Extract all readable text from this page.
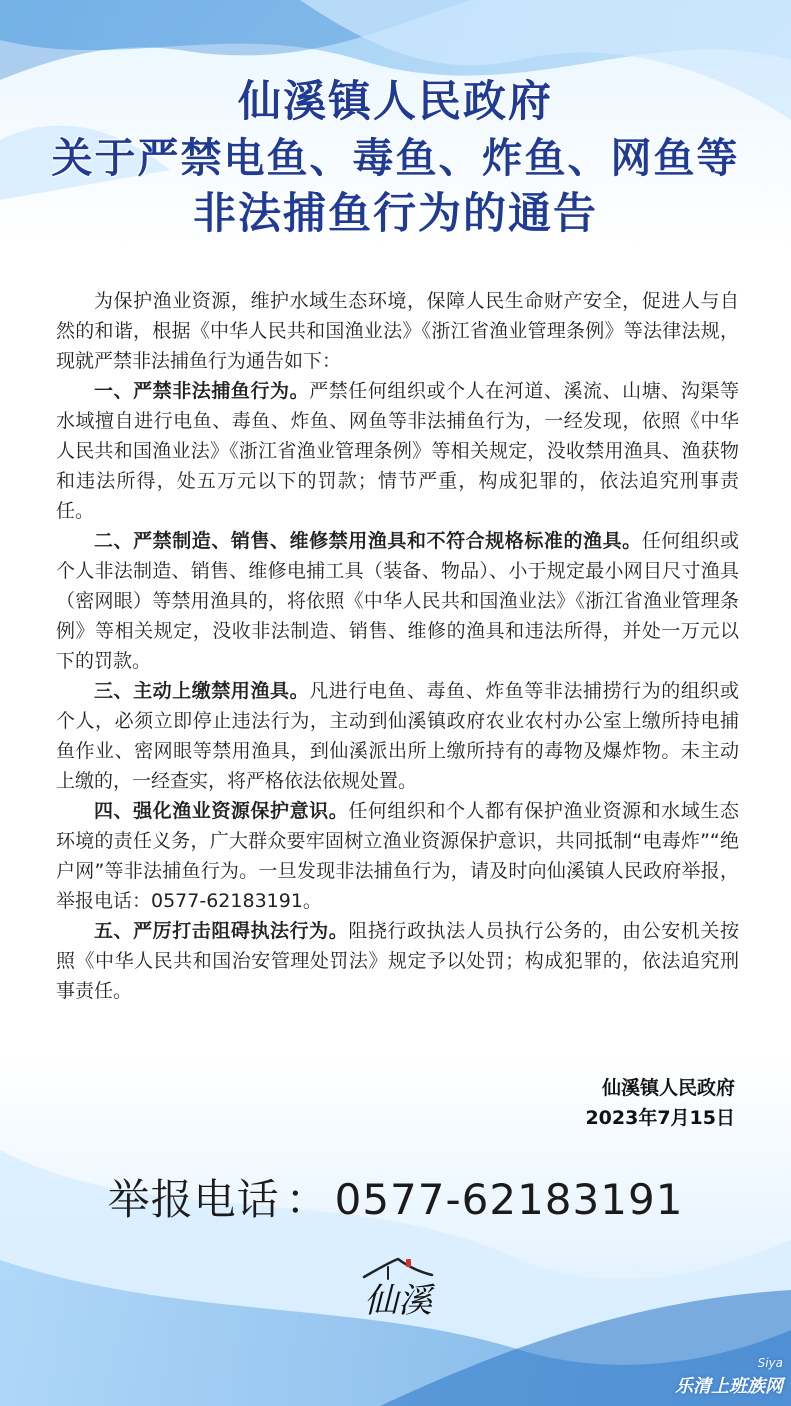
仙溪镇人民政府
关于严禁电鱼、毒鱼、炸鱼、网鱼等
非法捕鱼行为的通告

为保护渔业资源，维护水域生态环境，保障人民生命财产安全，促进人与自然的和谐，根据《中华人民共和国渔业法》《浙江省渔业管理条例》等法律法规，现就严禁非法捕鱼行为通告如下：

一、严禁非法捕鱼行为。严禁任何组织或个人在河道、溪流、山塘、沟渠等水域擅自进行电鱼、毒鱼、炸鱼、网鱼等非法捕鱼行为，一经发现，依照《中华人民共和国渔业法》《浙江省渔业管理条例》等相关规定，没收禁用渔具、渔获物和违法所得，处五万元以下的罚款；情节严重，构成犯罪的，依法追究刑事责任。

二、严禁制造、销售、维修禁用渔具和不符合规格标准的渔具。任何组织或个人非法制造、销售、维修电捕工具（装备、物品）、小于规定最小网目尺寸渔具（密网眼）等禁用渔具的，将依照《中华人民共和国渔业法》《浙江省渔业管理条例》等相关规定，没收非法制造、销售、维修的渔具和违法所得，并处一万元以下的罚款。

三、主动上缴禁用渔具。凡进行电鱼、毒鱼、炸鱼等非法捕捞行为的组织或个人，必须立即停止违法行为，主动到仙溪镇政府农业农村办公室上缴所持电捕鱼作业、密网眼等禁用渔具，到仙溪派出所上缴所持有的毒物及爆炸物。未主动上缴的，一经查实，将严格依法依规处置。

四、强化渔业资源保护意识。任何组织和个人都有保护渔业资源和水域生态环境的责任义务，广大群众要牢固树立渔业资源保护意识，共同抵制“电毒炸”“绝户网”等非法捕鱼行为。一旦发现非法捕鱼行为，请及时向仙溪镇人民政府举报，举报电话：0577-62183191。

五、严厉打击阻碍执法行为。阻挠行政执法人员执行公务的，由公安机关按照《中华人民共和国治安管理处罚法》规定予以处罚；构成犯罪的，依法追究刑事责任。

仙溪镇人民政府
2023年7月15日
举报电话 ： 0577-62183191
仙溪
Siya
乐清上班族网
